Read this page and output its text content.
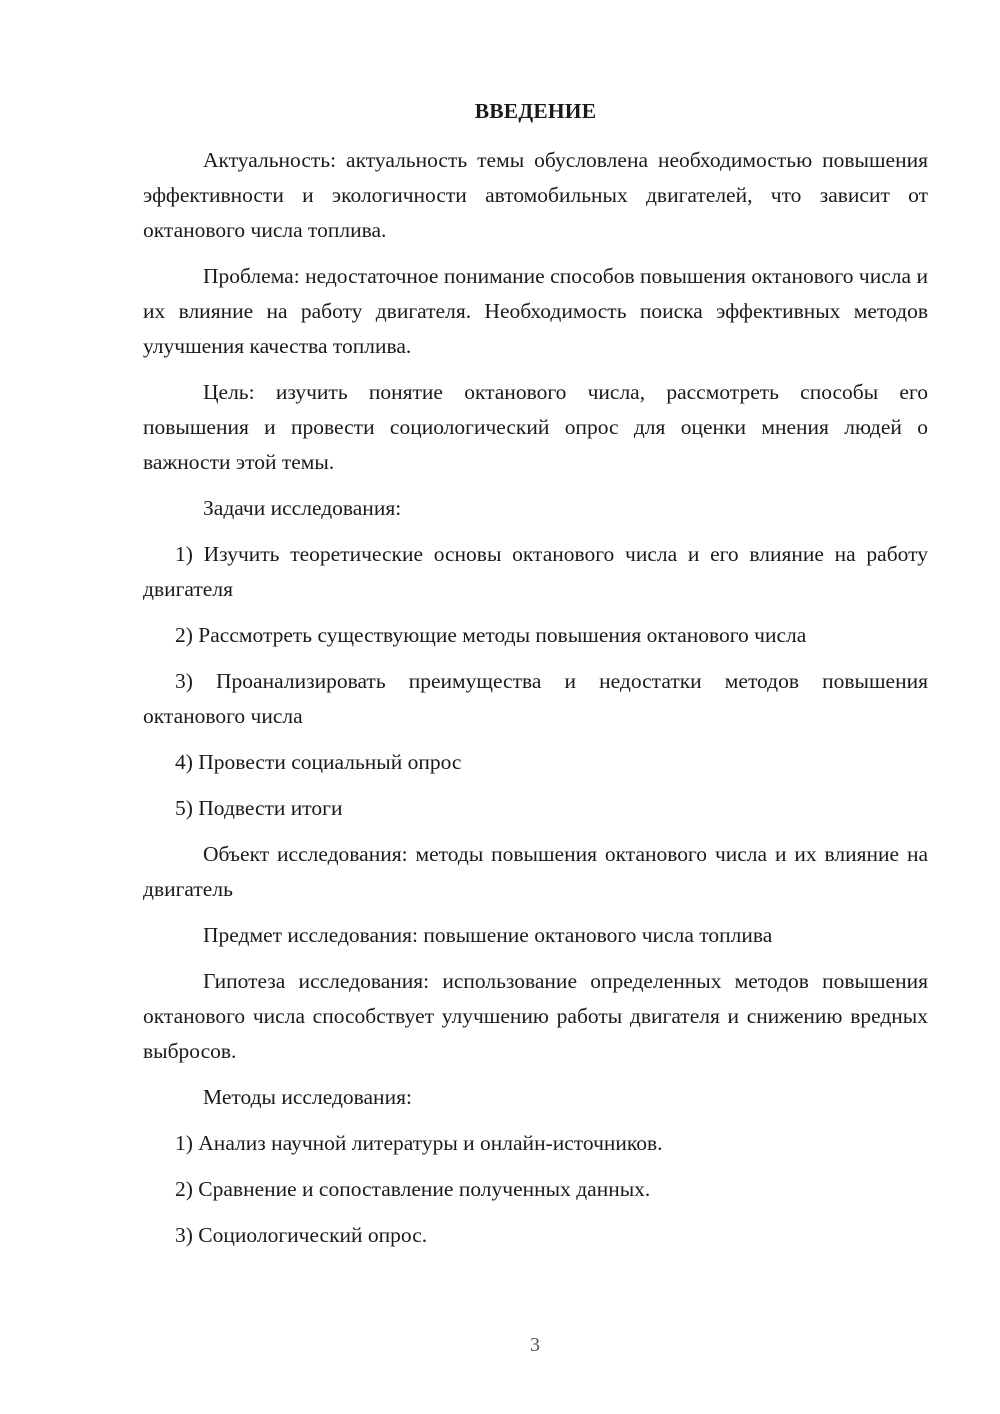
ВВЕДЕНИЕ

Актуальность: актуальность темы обусловлена необходимостью повышения эффективности и экологичности автомобильных двигателей, что зависит от октанового числа топлива.

Проблема: недостаточное понимание способов повышения октанового числа и их влияние на работу двигателя. Необходимость поиска эффективных методов улучшения качества топлива.

Цель: изучить понятие октанового числа, рассмотреть способы его повышения и провести социологический опрос для оценки мнения людей о важности этой темы.

Задачи исследования:

1) Изучить теоретические основы октанового числа и его влияние на работу двигателя

2) Рассмотреть существующие методы повышения октанового числа

3) Проанализировать преимущества и недостатки методов повышения октанового числа

4) Провести социальный опрос

5) Подвести итоги

Объект исследования: методы повышения октанового числа и их влияние на двигатель

Предмет исследования: повышение октанового числа топлива

Гипотеза исследования: использование определенных методов повышения октанового числа способствует улучшению работы двигателя и снижению вредных выбросов.

Методы исследования:

1) Анализ научной литературы и онлайн-источников.

2) Сравнение и сопоставление полученных данных.

3) Социологический опрос.

3
